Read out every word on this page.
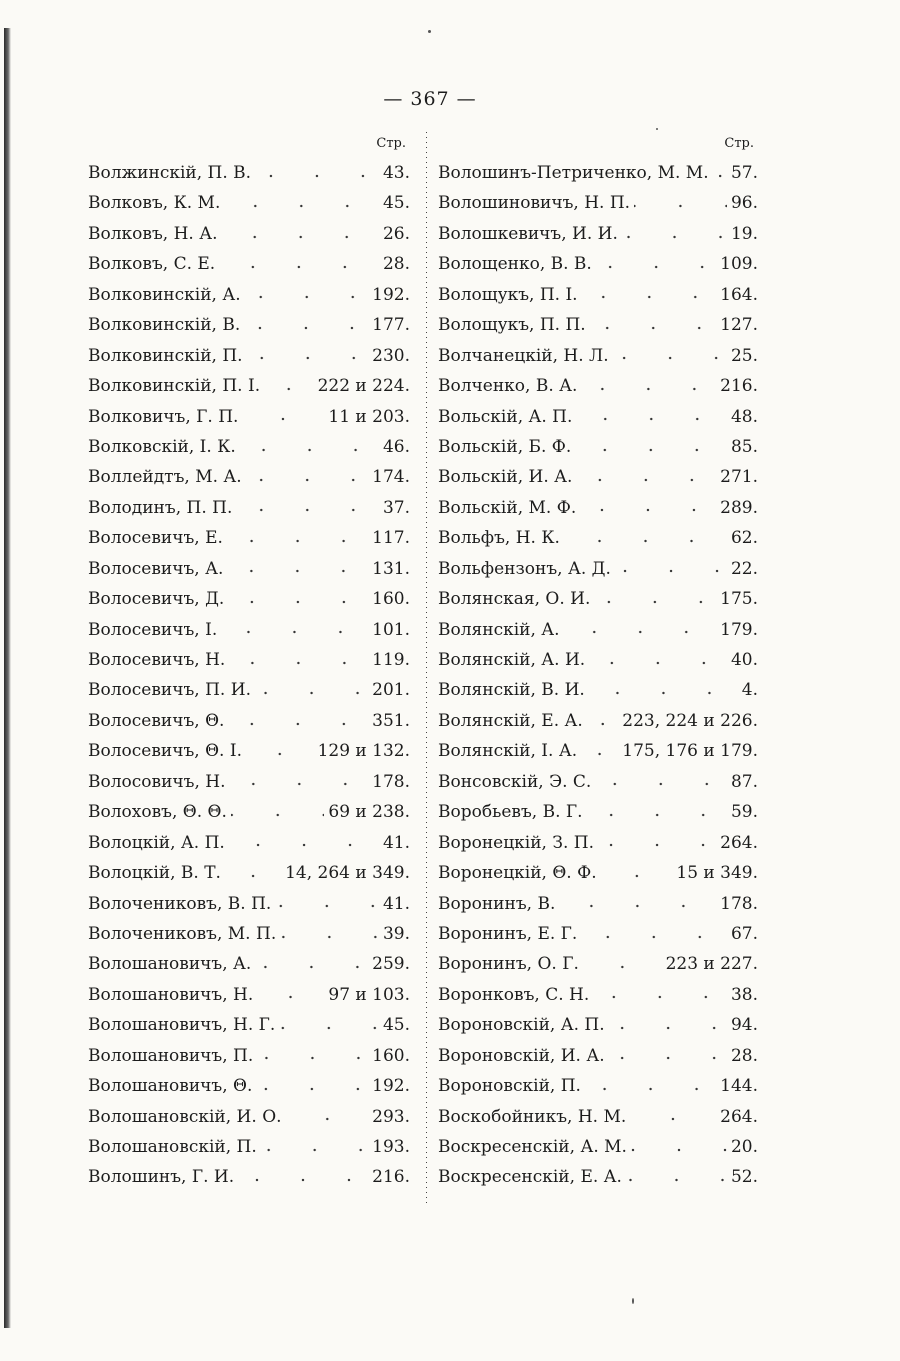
— 367 —
Стр.
Волжинскій, П. В.	43.
Волковъ, К. М.	45.
Волковъ, Н. А.	26.
Волковъ, С. Е.	28.
Волковинскій, А.	192.
Волковинскій, В.	177.
Волковинскій, П.	230.
Волковинскій, П. І.	222 и 224.
Волковичъ, Г. П.	11 и 203.
Волковскій, І. К.	46.
Воллейдтъ, М. А.	174.
Володинъ, П. П.	37.
Волосевичъ, Е.	117.
Волосевичъ, А.	131.
Волосевичъ, Д.	160.
Волосевичъ, І.	101.
Волосевичъ, Н.	119.
Волосевичъ, П. И.	201.
Волосевичъ, Θ.	351.
Волосевичъ, Θ. І.	129 и 132.
Волосовичъ, Н.	178.
Волоховъ, Θ. Θ.	69 и 238.
Волоцкій, А. П.	41.
Волоцкій, В. Т.	14, 264 и 349.
Волочениковъ, В. П.	41.
Волочениковъ, М. П.	39.
Волошановичъ, А.	259.
Волошановичъ, Н.	97 и 103.
Волошановичъ, Н. Г.	45.
Волошановичъ, П.	160.
Волошановичъ, Θ.	192.
Волошановскій, И. О.	293.
Волошановскій, П.	193.
Волошинъ, Г. И.	216.
Стр.
Волошинъ-Петриченко, М. М. 57.
Волошиновичъ, Н. П.	96.
Волошкевичъ, И. И.	19.
Волощенко, В. В.	109.
Волощукъ, П. І.	164.
Волощукъ, П. П.	127.
Волчанецкій, Н. Л.	25.
Волченко, В. А.	216.
Вольскій, А. П.	48.
Вольскій, Б. Ф.	85.
Вольскій, И. А.	271.
Вольскій, М. Ф.	289.
Вольфъ, Н. К.	62.
Вольфензонъ, А. Д.	22.
Волянская, О. И.	175.
Волянскій, А.	179.
Волянскій, А. И.	40.
Волянскій, В. И.	4.
Волянскій, Е. А. 223, 224 и 226.
Волянскій, І. А.	175, 176 и 179.
Вонсовскій, Э. С.	87.
Воробьевъ, В. Г.	59.
Воронецкій, З. П.	264.
Воронецкій, Θ. Ф.	15 и 349.
Воронинъ, В.	178.
Воронинъ, Е. Г.	67.
Воронинъ, О. Г.	223 и 227.
Воронковъ, С. Н.	38.
Вороновскій, А. П.	94.
Вороновскій, И. А.	28.
Вороновскій, П.	144.
Воскобойникъ, Н. М.	264.
Воскресенскій, А. М.	20.
Воскресенскій, Е. А.	52.
